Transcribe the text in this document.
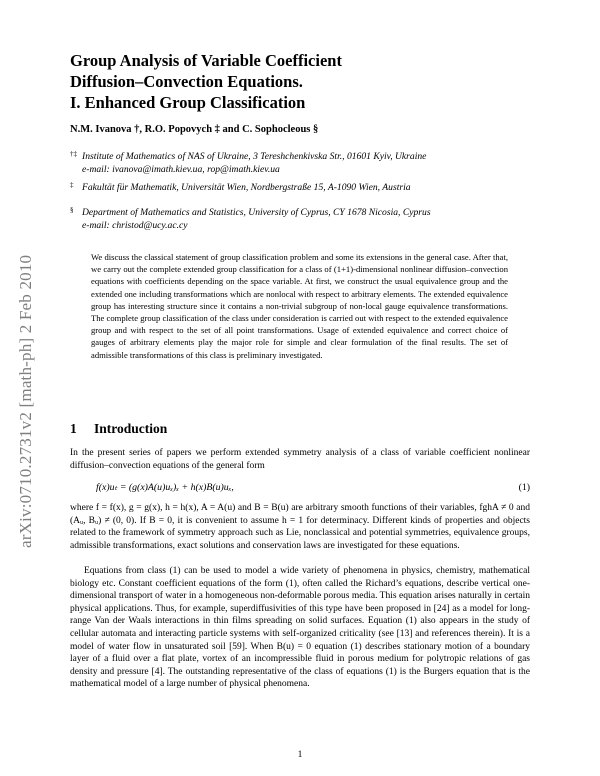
arXiv:0710.2731v2 [math-ph] 2 Feb 2010
Group Analysis of Variable Coefficient
Diffusion–Convection Equations.
I. Enhanced Group Classification
N.M. Ivanova †, R.O. Popovych ‡ and C. Sophocleous §
†‡ Institute of Mathematics of NAS of Ukraine, 3 Tereshchenkivska Str., 01601 Kyiv, Ukraine
e-mail: ivanova@imath.kiev.ua, rop@imath.kiev.ua
‡ Fakultät für Mathematik, Universität Wien, Nordbergstraße 15, A-1090 Wien, Austria
§ Department of Mathematics and Statistics, University of Cyprus, CY 1678 Nicosia, Cyprus
e-mail: christod@ucy.ac.cy
We discuss the classical statement of group classification problem and some its extensions in the general case. After that, we carry out the complete extended group classification for a class of (1+1)-dimensional nonlinear diffusion–convection equations with coefficients depending on the space variable. At first, we construct the usual equivalence group and the extended one including transformations which are nonlocal with respect to arbitrary elements. The extended equivalence group has interesting structure since it contains a non-trivial subgroup of non-local gauge equivalence transformations. The complete group classification of the class under consideration is carried out with respect to the extended equivalence group and with respect to the set of all point transformations. Usage of extended equivalence and correct choice of gauges of arbitrary elements play the major role for simple and clear formulation of the final results. The set of admissible transformations of this class is preliminary investigated.
1 Introduction
In the present series of papers we perform extended symmetry analysis of a class of variable coefficient nonlinear diffusion–convection equations of the general form
f(x)uₜ = (g(x)A(u)uₓ)ₓ + h(x)B(u)uₓ,	(1)
where f = f(x), g = g(x), h = h(x), A = A(u) and B = B(u) are arbitrary smooth functions of their variables, fghA ≠ 0 and (Aᵤ, Bᵤ) ≠ (0, 0). If B = 0, it is convenient to assume h = 1 for determinacy. Different kinds of properties and objects related to the framework of symmetry approach such as Lie, nonclassical and potential symmetries, equivalence groups, admissible transformations, exact solutions and conservation laws are investigated for these equations.
Equations from class (1) can be used to model a wide variety of phenomena in physics, chemistry, mathematical biology etc. Constant coefficient equations of the form (1), often called the Richard’s equations, describe vertical one-dimensional transport of water in a homogeneous non-deformable porous media. This equation arises naturally in certain physical applications. Thus, for example, superdiffusivities of this type have been proposed in [24] as a model for long-range Van der Waals interactions in thin films spreading on solid surfaces. Equation (1) also appears in the study of cellular automata and interacting particle systems with self-organized criticality (see [13] and references therein). It is a model of water flow in unsaturated soil [59]. When B(u) = 0 equation (1) describes stationary motion of a boundary layer of a fluid over a flat plate, vortex of an incompressible fluid in porous medium for polytropic relations of gas density and pressure [4]. The outstanding representative of the class of equations (1) is the Burgers equation that is the mathematical model of a large number of physical phenomena.
1
